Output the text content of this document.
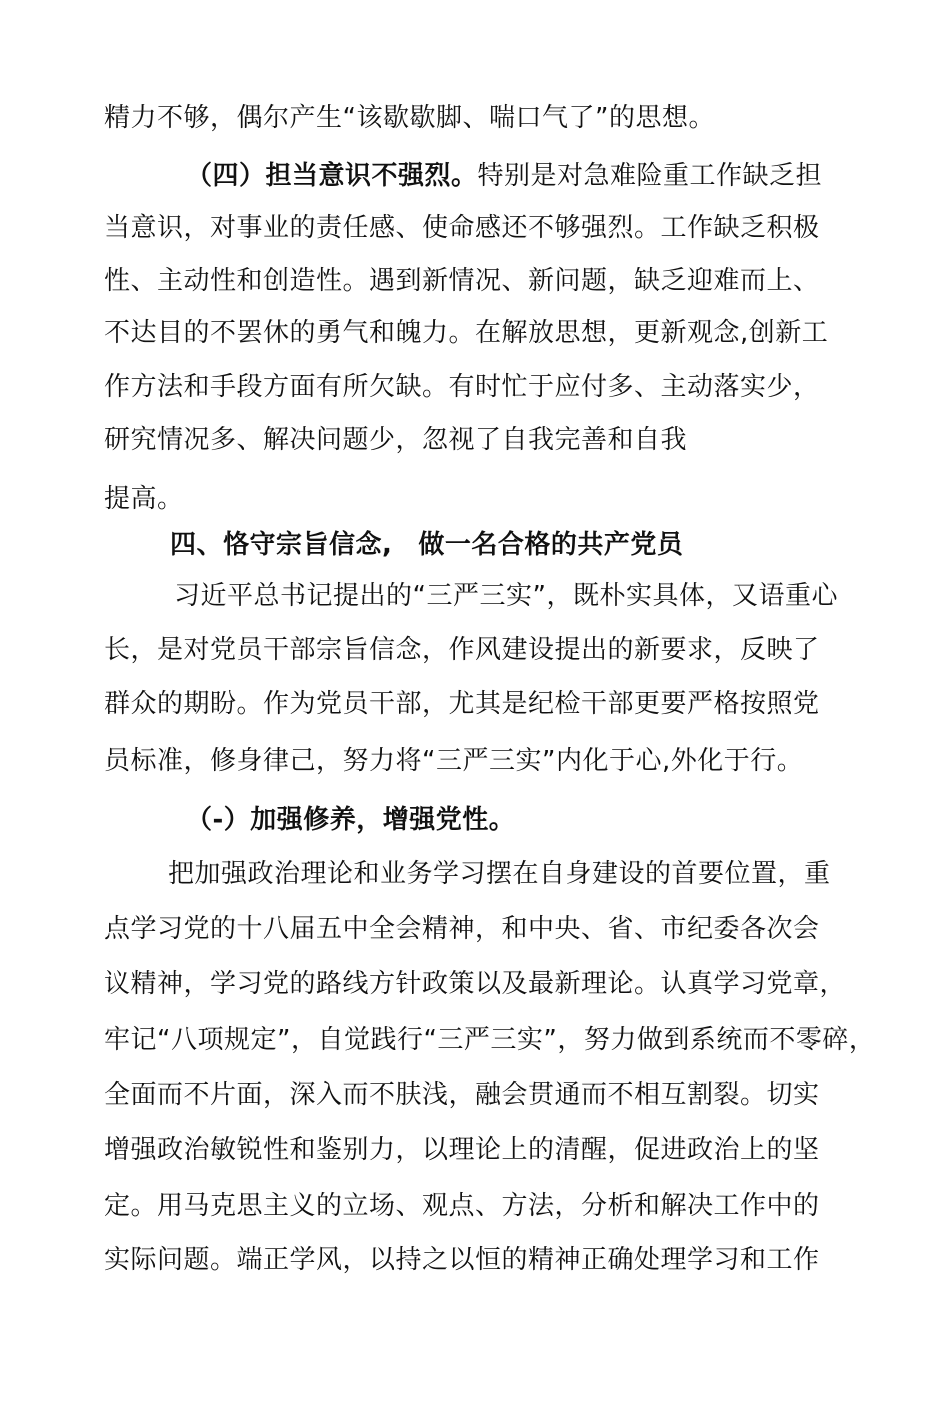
精力不够，偶尔产生“该歇歇脚、喘口气了”的思想。
（四）担当意识不强烈。特别是对急难险重工作缺乏担
当意识，对事业的责任感、使命感还不够强烈。工作缺乏积极
性、主动性和创造性。遇到新情况、新问题，缺乏迎难而上、
不达目的不罢休的勇气和魄力。在解放思想，更新观念,创新工
作方法和手段方面有所欠缺。有时忙于应付多、主动落实少，
研究情况多、解决问题少，忽视了自我完善和自我
提高。
四、恪守宗旨信念, 做一名合格的共产党员
习近平总书记提出的“三严三实”，既朴实具体，又语重心
长，是对党员干部宗旨信念，作风建设提出的新要求，反映了
群众的期盼。作为党员干部，尤其是纪检干部更要严格按照党
员标准，修身律己，努力将“三严三实”内化于心,外化于行。
（-）加强修养，增强党性。
把加强政治理论和业务学习摆在自身建设的首要位置，重
点学习党的十八届五中全会精神，和中央、省、市纪委各次会
议精神，学习党的路线方针政策以及最新理论。认真学习党章，
牢记“八项规定”，自觉践行“三严三实”，努力做到系统而不零碎，
全面而不片面，深入而不肤浅，融会贯通而不相互割裂。切实
增强政治敏锐性和鉴别力，以理论上的清醒，促进政治上的坚
定。用马克思主义的立场、观点、方法，分析和解决工作中的
实际问题。端正学风，以持之以恒的精神正确处理学习和工作
